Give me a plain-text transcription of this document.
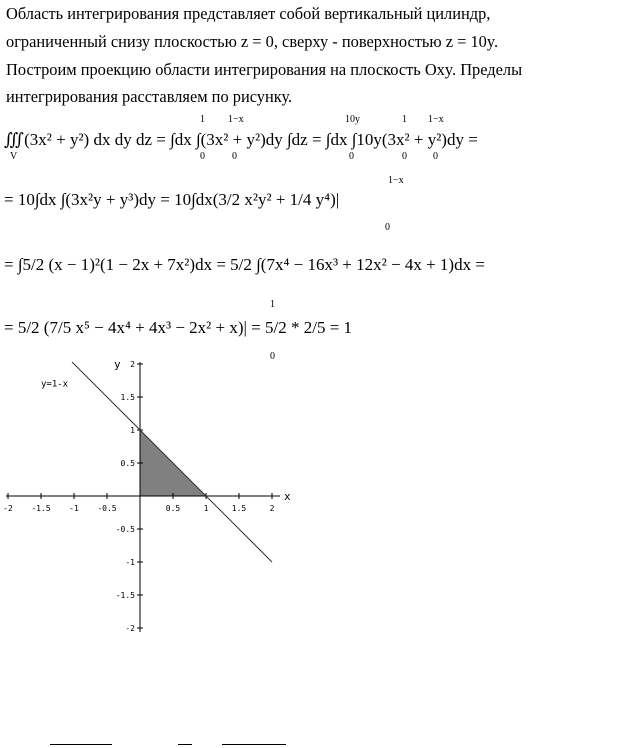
Область интегрирования представляет собой вертикальный цилиндр,
ограниченный снизу плоскостью z = 0, сверху - поверхностью z = 10y.
Построим проекцию области интегрирования на плоскость Oxy. Пределы
интегрирования расставляем по рисунку.
∭(3x² + y²) dx dy dz = ∫dx ∫(3x² + y²)dy ∫dz = ∫dx ∫10y(3x² + y²)dy =
V
1
0
1−x
0
10y
0
1
0
1−x
0
= 10∫dx ∫(3x²y + y³)dy = 10∫dx(3/2 x²y² + 1/4 y⁴)|
1−x
0
= ∫5/2 (x − 1)²(1 − 2x + 7x²)dx = 5/2 ∫(7x⁴ − 16x³ + 12x² − 4x + 1)dx =
= 5/2 (7/5 x⁵ − 4x⁴ + 4x³ − 2x² + x)| = 5/2 * 2/5 = 1
1
0
-2 -1.5 -1 -0.5	0.5	1	1.5	2
2
1.5
1
0.5
-0.5
-1
-1.5
-2
x
y
y=1-x
